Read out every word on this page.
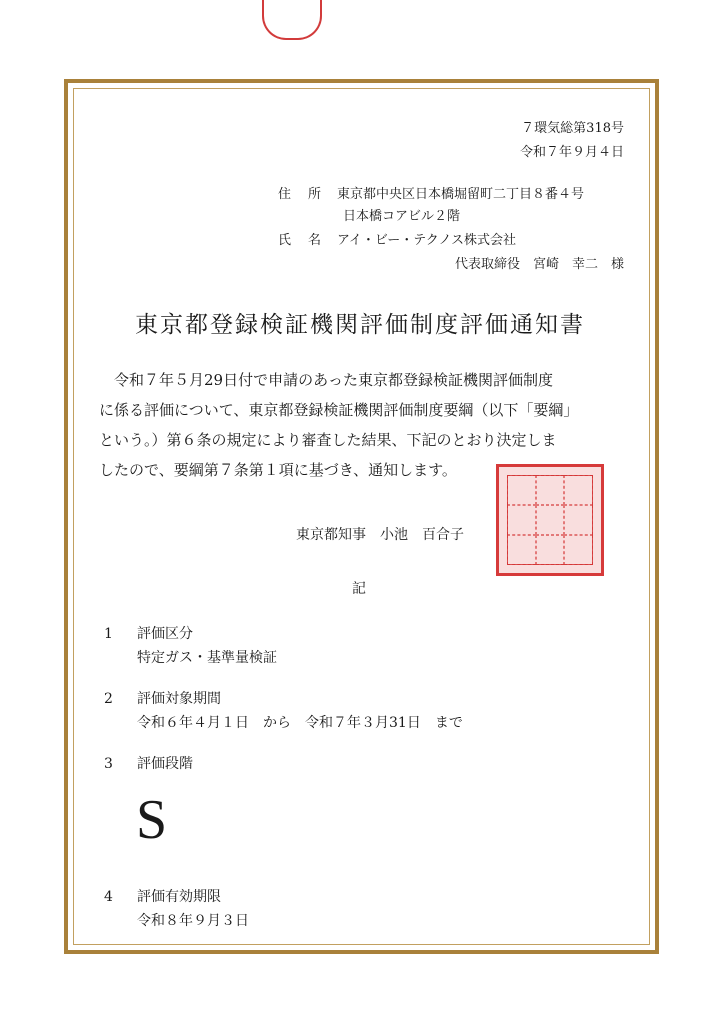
７環気総第318号
令和７年９月４日
住　所 東京都中央区日本橋堀留町二丁目８番４号
日本橋コアビル２階
氏　名 アイ・ビー・テクノス株式会社
代表取締役　宮崎　幸二　様
東京都登録検証機関評価制度評価通知書

　令和７年５月29日付で申請のあった東京都登録検証機関評価制度

に係る評価について、東京都登録検証機関評価制度要綱（以下「要綱」

という。）第６条の規定により審査した結果、下記のとおり決定しま

したので、要綱第７条第１項に基づき、通知します。

東京都知事　小池　百合子
記
1 評価区分
特定ガス・基準量検証
2 評価対象期間
令和６年４月１日　から　令和７年３月31日　まで
3 評価段階
S
4 評価有効期限
令和８年９月３日
